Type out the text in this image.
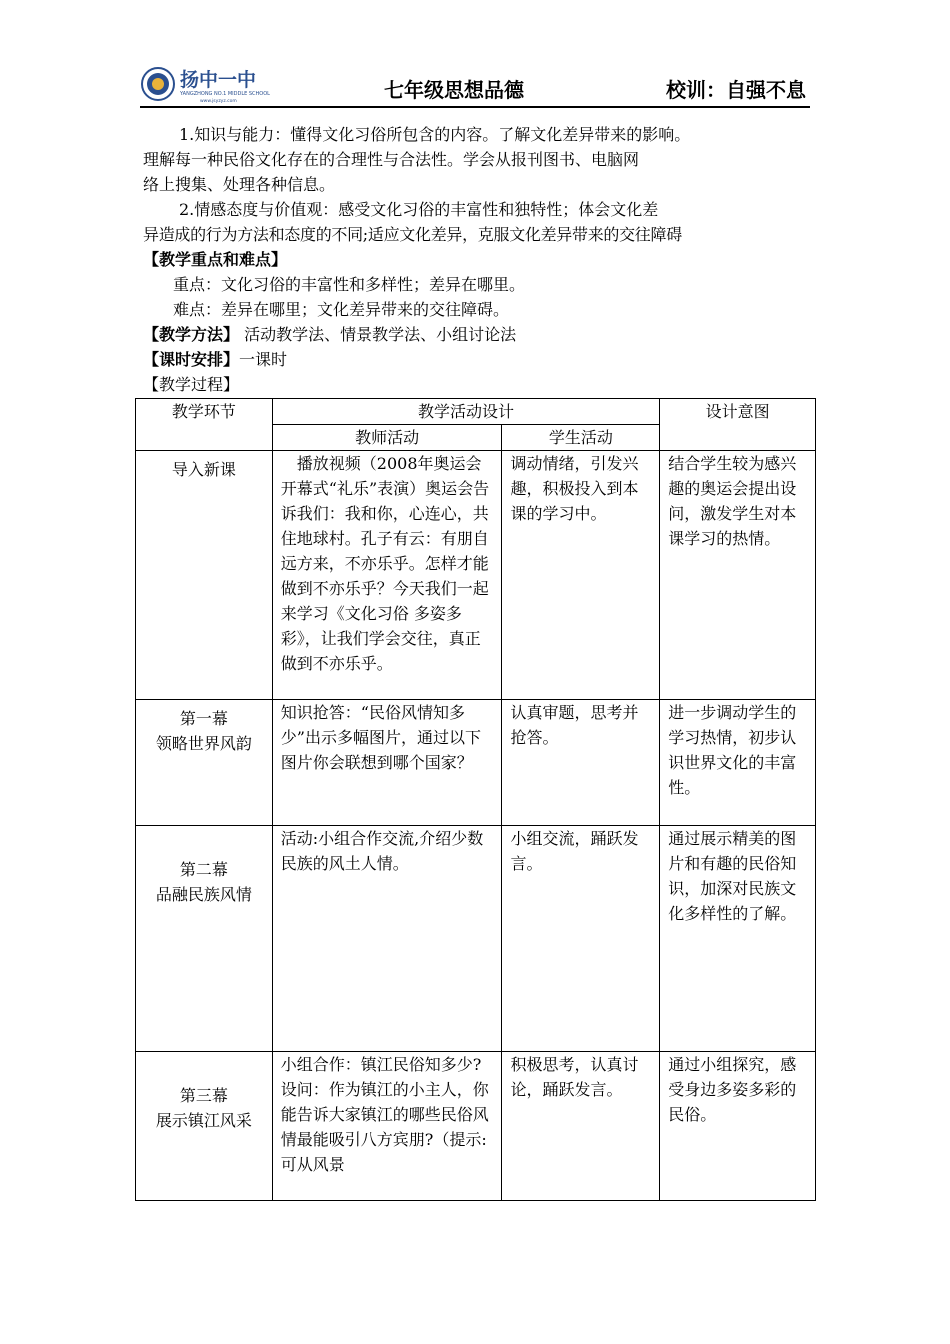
扬中一中
YANGZHONG NO.1 MIDDLE SCHOOL
www.jsyzyz.com	七年级思想品德	校训：自强不息

1.知识与能力：懂得文化习俗所包含的内容。了解文化差异带来的影响。

理解每一种民俗文化存在的合理性与合法性。学会从报刊图书、电脑网

络上搜集、处理各种信息。

2.情感态度与价值观：感受文化习俗的丰富性和独特性；体会文化差

异造成的行为方法和态度的不同;适应文化差异，克服文化差异带来的交往障碍

【教学重点和难点】

重点：文化习俗的丰富性和多样性；差异在哪里。

难点：差异在哪里；文化差异带来的交往障碍。

【教学方法】 活动教学法、情景教学法、小组讨论法

【课时安排】一课时

【教学过程】

教学环节	教学活动设计		设计意图
	教师活动	学生活动	

导入新课	播放视频（2008年奥运会开幕式“礼乐”表演）奥运会告诉我们：我和你，心连心，共住地球村。孔子有云：有朋自远方来，不亦乐乎。怎样才能做到不亦乐乎？今天我们一起来学习《文化习俗 多姿多彩》，让我们学会交往，真正做到不亦乐乎。	调动情绪，引发兴趣，积极投入到本课的学习中。	结合学生较为感兴趣的奥运会提出设问，激发学生对本课学习的热情。

第一幕
领略世界风韵	知识抢答：“民俗风情知多少”出示多幅图片，通过以下图片你会联想到哪个国家？	认真审题，思考并抢答。	进一步调动学生的学习热情，初步认识世界文化的丰富性。

第二幕
品融民族风情	活动:小组合作交流,介绍少数民族的风土人情。	小组交流，踊跃发言。	通过展示精美的图片和有趣的民俗知识，加深对民族文化多样性的了解。

第三幕
展示镇江风采	小组合作：镇江民俗知多少?设问：作为镇江的小主人，你能告诉大家镇江的哪些民俗风情最能吸引八方宾朋?（提示:可从风景	积极思考，认真讨论，踊跃发言。	通过小组探究，感受身边多姿多彩的民俗。
